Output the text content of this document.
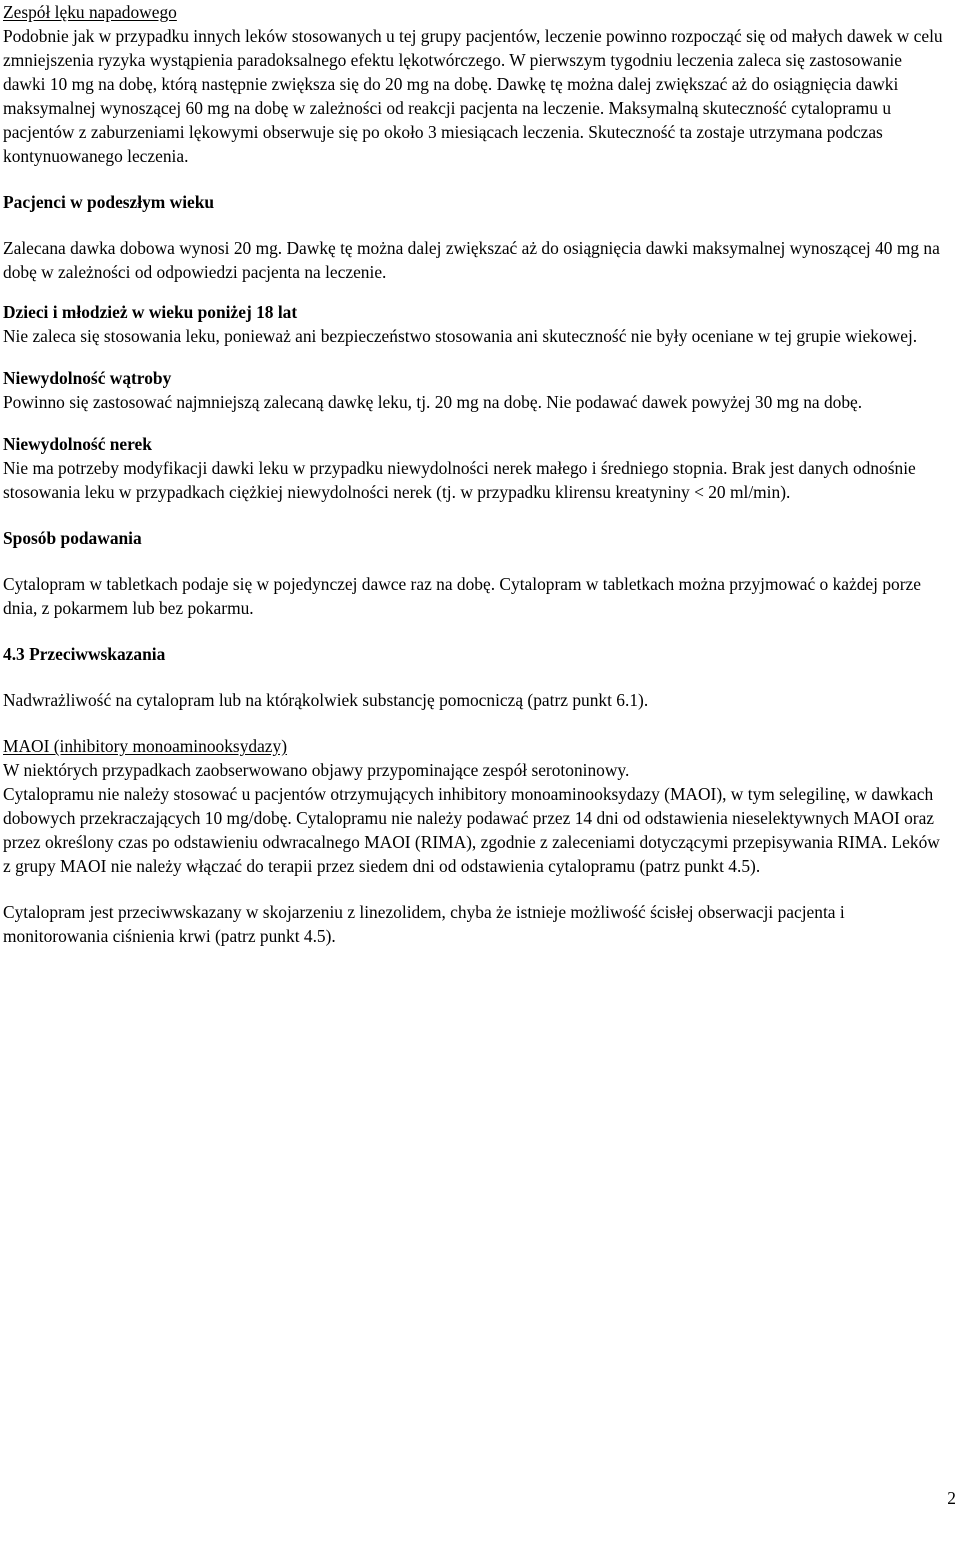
Zespół lęku napadowego

Podobnie jak w przypadku innych leków stosowanych u tej grupy pacjentów, leczenie powinno rozpocząć się od małych dawek w celu zmniejszenia ryzyka wystąpienia paradoksalnego efektu lękotwórczego. W pierwszym tygodniu leczenia zaleca się zastosowanie dawki 10 mg na dobę, którą następnie zwiększa się do 20 mg na dobę. Dawkę tę można dalej zwiększać aż do osiągnięcia dawki maksymalnej wynoszącej 60 mg na dobę w zależności od reakcji pacjenta na leczenie. Maksymalną skuteczność cytalopramu u pacjentów z zaburzeniami lękowymi obserwuje się po około 3 miesiącach leczenia. Skuteczność ta zostaje utrzymana podczas kontynuowanego leczenia.

Pacjenci w podeszłym wieku

Zalecana dawka dobowa wynosi 20 mg. Dawkę tę można dalej zwiększać aż do osiągnięcia dawki maksymalnej wynoszącej 40 mg na dobę w zależności od odpowiedzi pacjenta na leczenie.

Dzieci i młodzież w wieku poniżej 18 lat

Nie zaleca się stosowania leku, ponieważ ani bezpieczeństwo stosowania ani skuteczność nie były oceniane w tej grupie wiekowej.

Niewydolność wątroby

Powinno się zastosować najmniejszą zalecaną dawkę leku, tj. 20 mg na dobę. Nie podawać dawek powyżej 30 mg na dobę.

Niewydolność nerek

Nie ma potrzeby modyfikacji dawki leku w przypadku niewydolności nerek małego i średniego stopnia. Brak jest danych odnośnie stosowania leku w przypadkach ciężkiej niewydolności nerek (tj. w przypadku klirensu kreatyniny < 20 ml/min).

Sposób podawania

Cytalopram w tabletkach podaje się w pojedynczej dawce raz na dobę. Cytalopram w tabletkach można przyjmować o każdej porze dnia, z pokarmem lub bez pokarmu.

4.3 Przeciwwskazania

Nadwrażliwość na cytalopram lub na którąkolwiek substancję pomocniczą (patrz punkt 6.1).

MAOI (inhibitory monoaminooksydazy)

W niektórych przypadkach zaobserwowano objawy przypominające zespół serotoninowy.

Cytalopramu nie należy stosować u pacjentów otrzymujących inhibitory monoaminooksydazy (MAOI), w tym selegilinę, w dawkach dobowych przekraczających 10 mg/dobę. Cytalopramu nie należy podawać przez 14 dni od odstawienia nieselektywnych MAOI oraz przez określony czas po odstawieniu odwracalnego MAOI (RIMA), zgodnie z zaleceniami dotyczącymi przepisywania RIMA. Leków z grupy MAOI nie należy włączać do terapii przez siedem dni od odstawienia cytalopramu (patrz punkt 4.5).

Cytalopram jest przeciwwskazany w skojarzeniu z linezolidem, chyba że istnieje możliwość ścisłej obserwacji pacjenta i monitorowania ciśnienia krwi (patrz punkt 4.5).

2
